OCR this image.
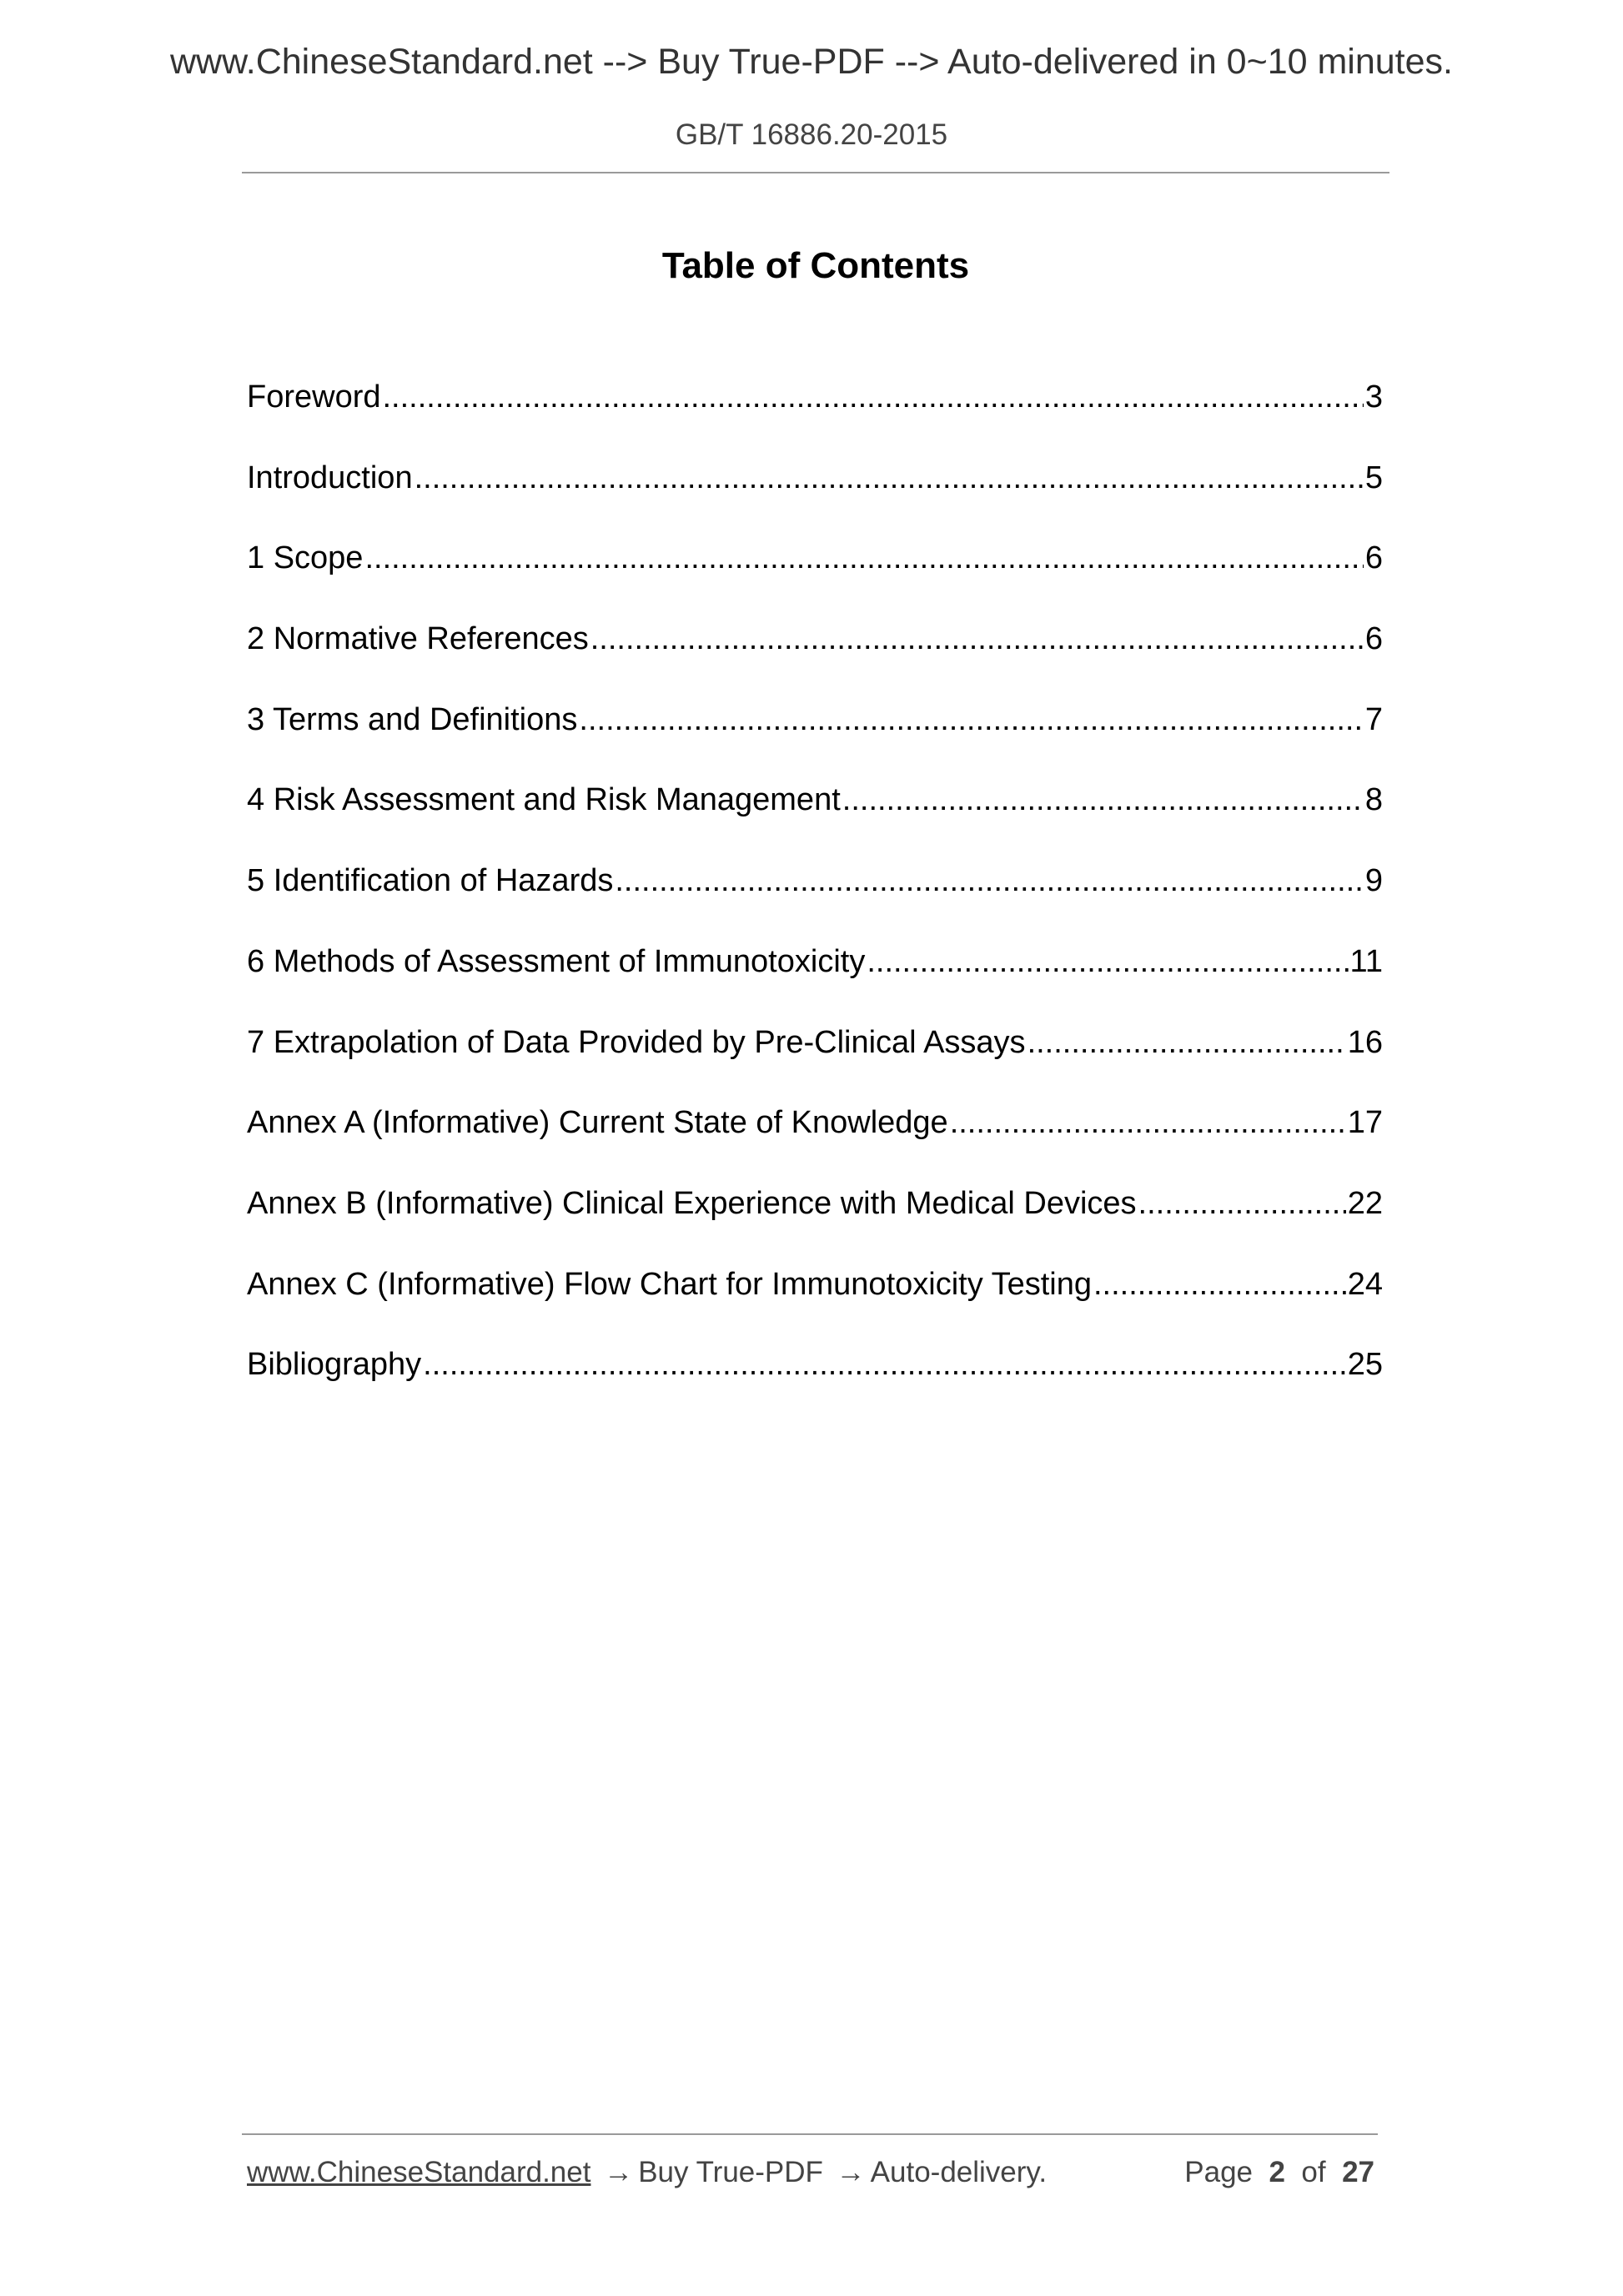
www.ChineseStandard.net --> Buy True-PDF --> Auto-delivered in 0~10 minutes.
GB/T 16886.20-2015
Table of Contents
Foreword .....	3
Introduction .....	5
1 Scope .....	6
2 Normative References .....	6
3 Terms and Definitions .....	7
4 Risk Assessment and Risk Management .....	8
5 Identification of Hazards .....	9
6 Methods of Assessment of Immunotoxicity .....	11
7 Extrapolation of Data Provided by Pre-Clinical Assays .....	16
Annex A (Informative) Current State of Knowledge .....	17
Annex B (Informative) Clinical Experience with Medical Devices .....	22
Annex C (Informative) Flow Chart for Immunotoxicity Testing .....	24
Bibliography .....	25
www.ChineseStandard.net → Buy True-PDF → Auto-delivery.	Page 2 of 27
